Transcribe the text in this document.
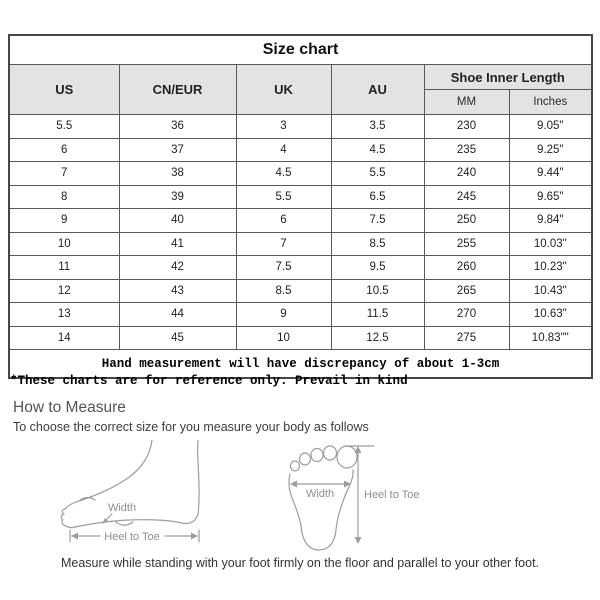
Size chart					
US	CN/EUR	UK	AU	Shoe Inner Length	
				MM	Inches
5.5	36	3	3.5	230	9.05"
6	37	4	4.5	235	9.25"
7	38	4.5	5.5	240	9.44"
8	39	5.5	6.5	245	9.65"
9	40	6	7.5	250	9.84"
10	41	7	8.5	255	10.03"
11	42	7.5	9.5	260	10.23"
12	43	8.5	10.5	265	10.43"
13	44	9	11.5	270	10.63"
14	45	10	12.5	275	10.83""
Hand measurement will have discrepancy of about 1-3cm					
*These charts are for reference only. Prevail in kind
How to Measure
To choose the correct size for you measure your body as follows
Width
Heel to Toe
Width	Heel to Toe
Measure while standing with your foot firmly on the floor and parallel to your other foot.
